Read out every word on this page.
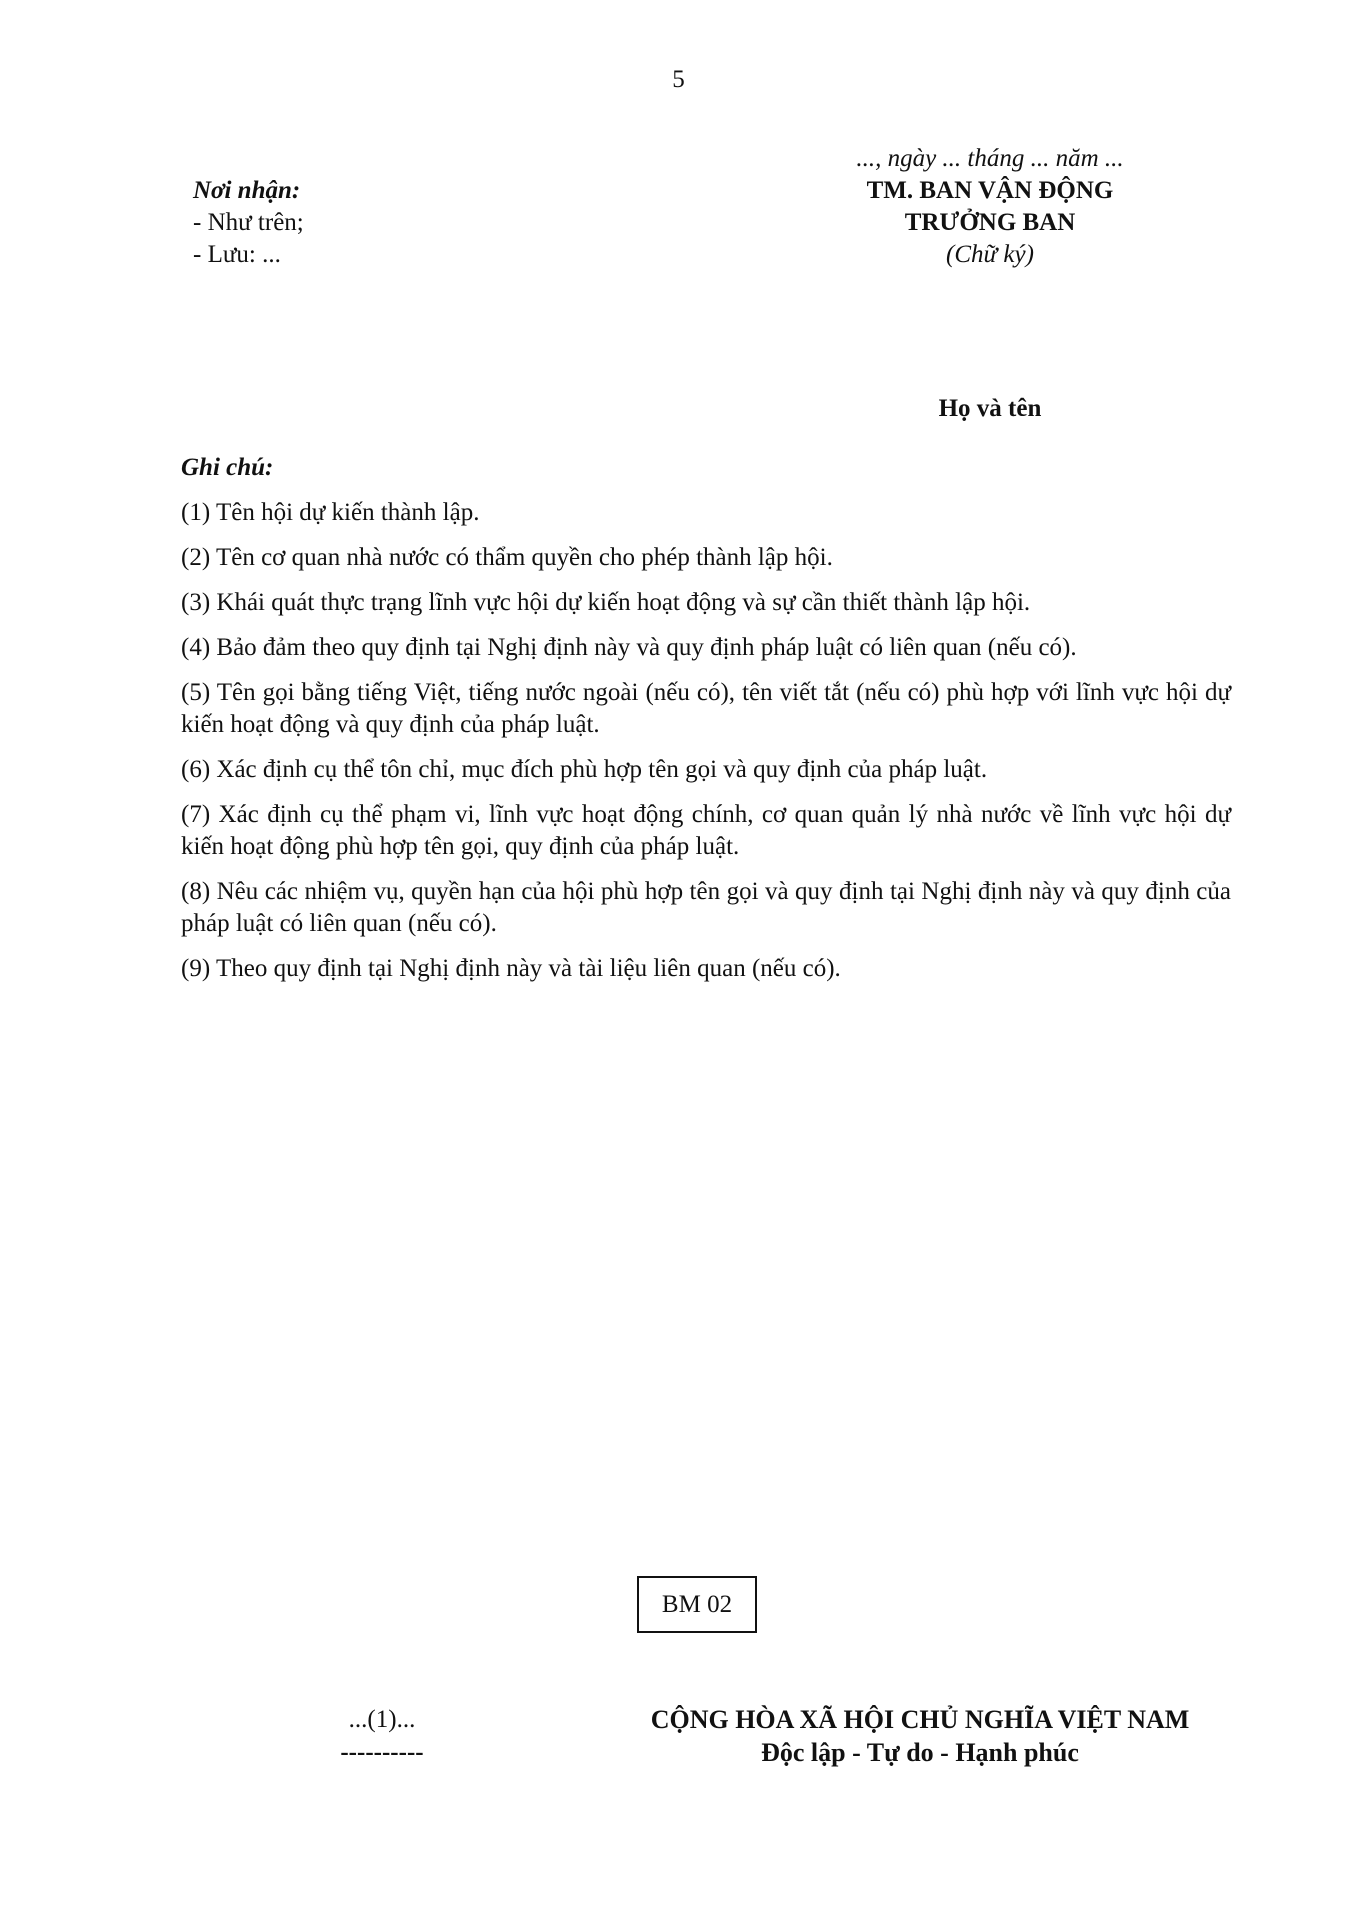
5
Nơi nhận:
- Như trên;
- Lưu: ...
..., ngày ... tháng ... năm ...
TM. BAN VẬN ĐỘNG
TRƯỞNG BAN
(Chữ ký)
Họ và tên
Ghi chú:
(1) Tên hội dự kiến thành lập.
(2) Tên cơ quan nhà nước có thẩm quyền cho phép thành lập hội.
(3) Khái quát thực trạng lĩnh vực hội dự kiến hoạt động và sự cần thiết thành lập hội.
(4) Bảo đảm theo quy định tại Nghị định này và quy định pháp luật có liên quan (nếu có).
(5) Tên gọi bằng tiếng Việt, tiếng nước ngoài (nếu có), tên viết tắt (nếu có) phù hợp với lĩnh vực hội dự kiến hoạt động và quy định của pháp luật.
(6) Xác định cụ thể tôn chỉ, mục đích phù hợp tên gọi và quy định của pháp luật.
(7) Xác định cụ thể phạm vi, lĩnh vực hoạt động chính, cơ quan quản lý nhà nước về lĩnh vực hội dự kiến hoạt động phù hợp tên gọi, quy định của pháp luật.
(8) Nêu các nhiệm vụ, quyền hạn của hội phù hợp tên gọi và quy định tại Nghị định này và quy định của pháp luật có liên quan (nếu có).
(9) Theo quy định tại Nghị định này và tài liệu liên quan (nếu có).
BM 02
...(1)...
----------
CỘNG HÒA XÃ HỘI CHỦ NGHĨA VIỆT NAM
Độc lập - Tự do - Hạnh phúc
